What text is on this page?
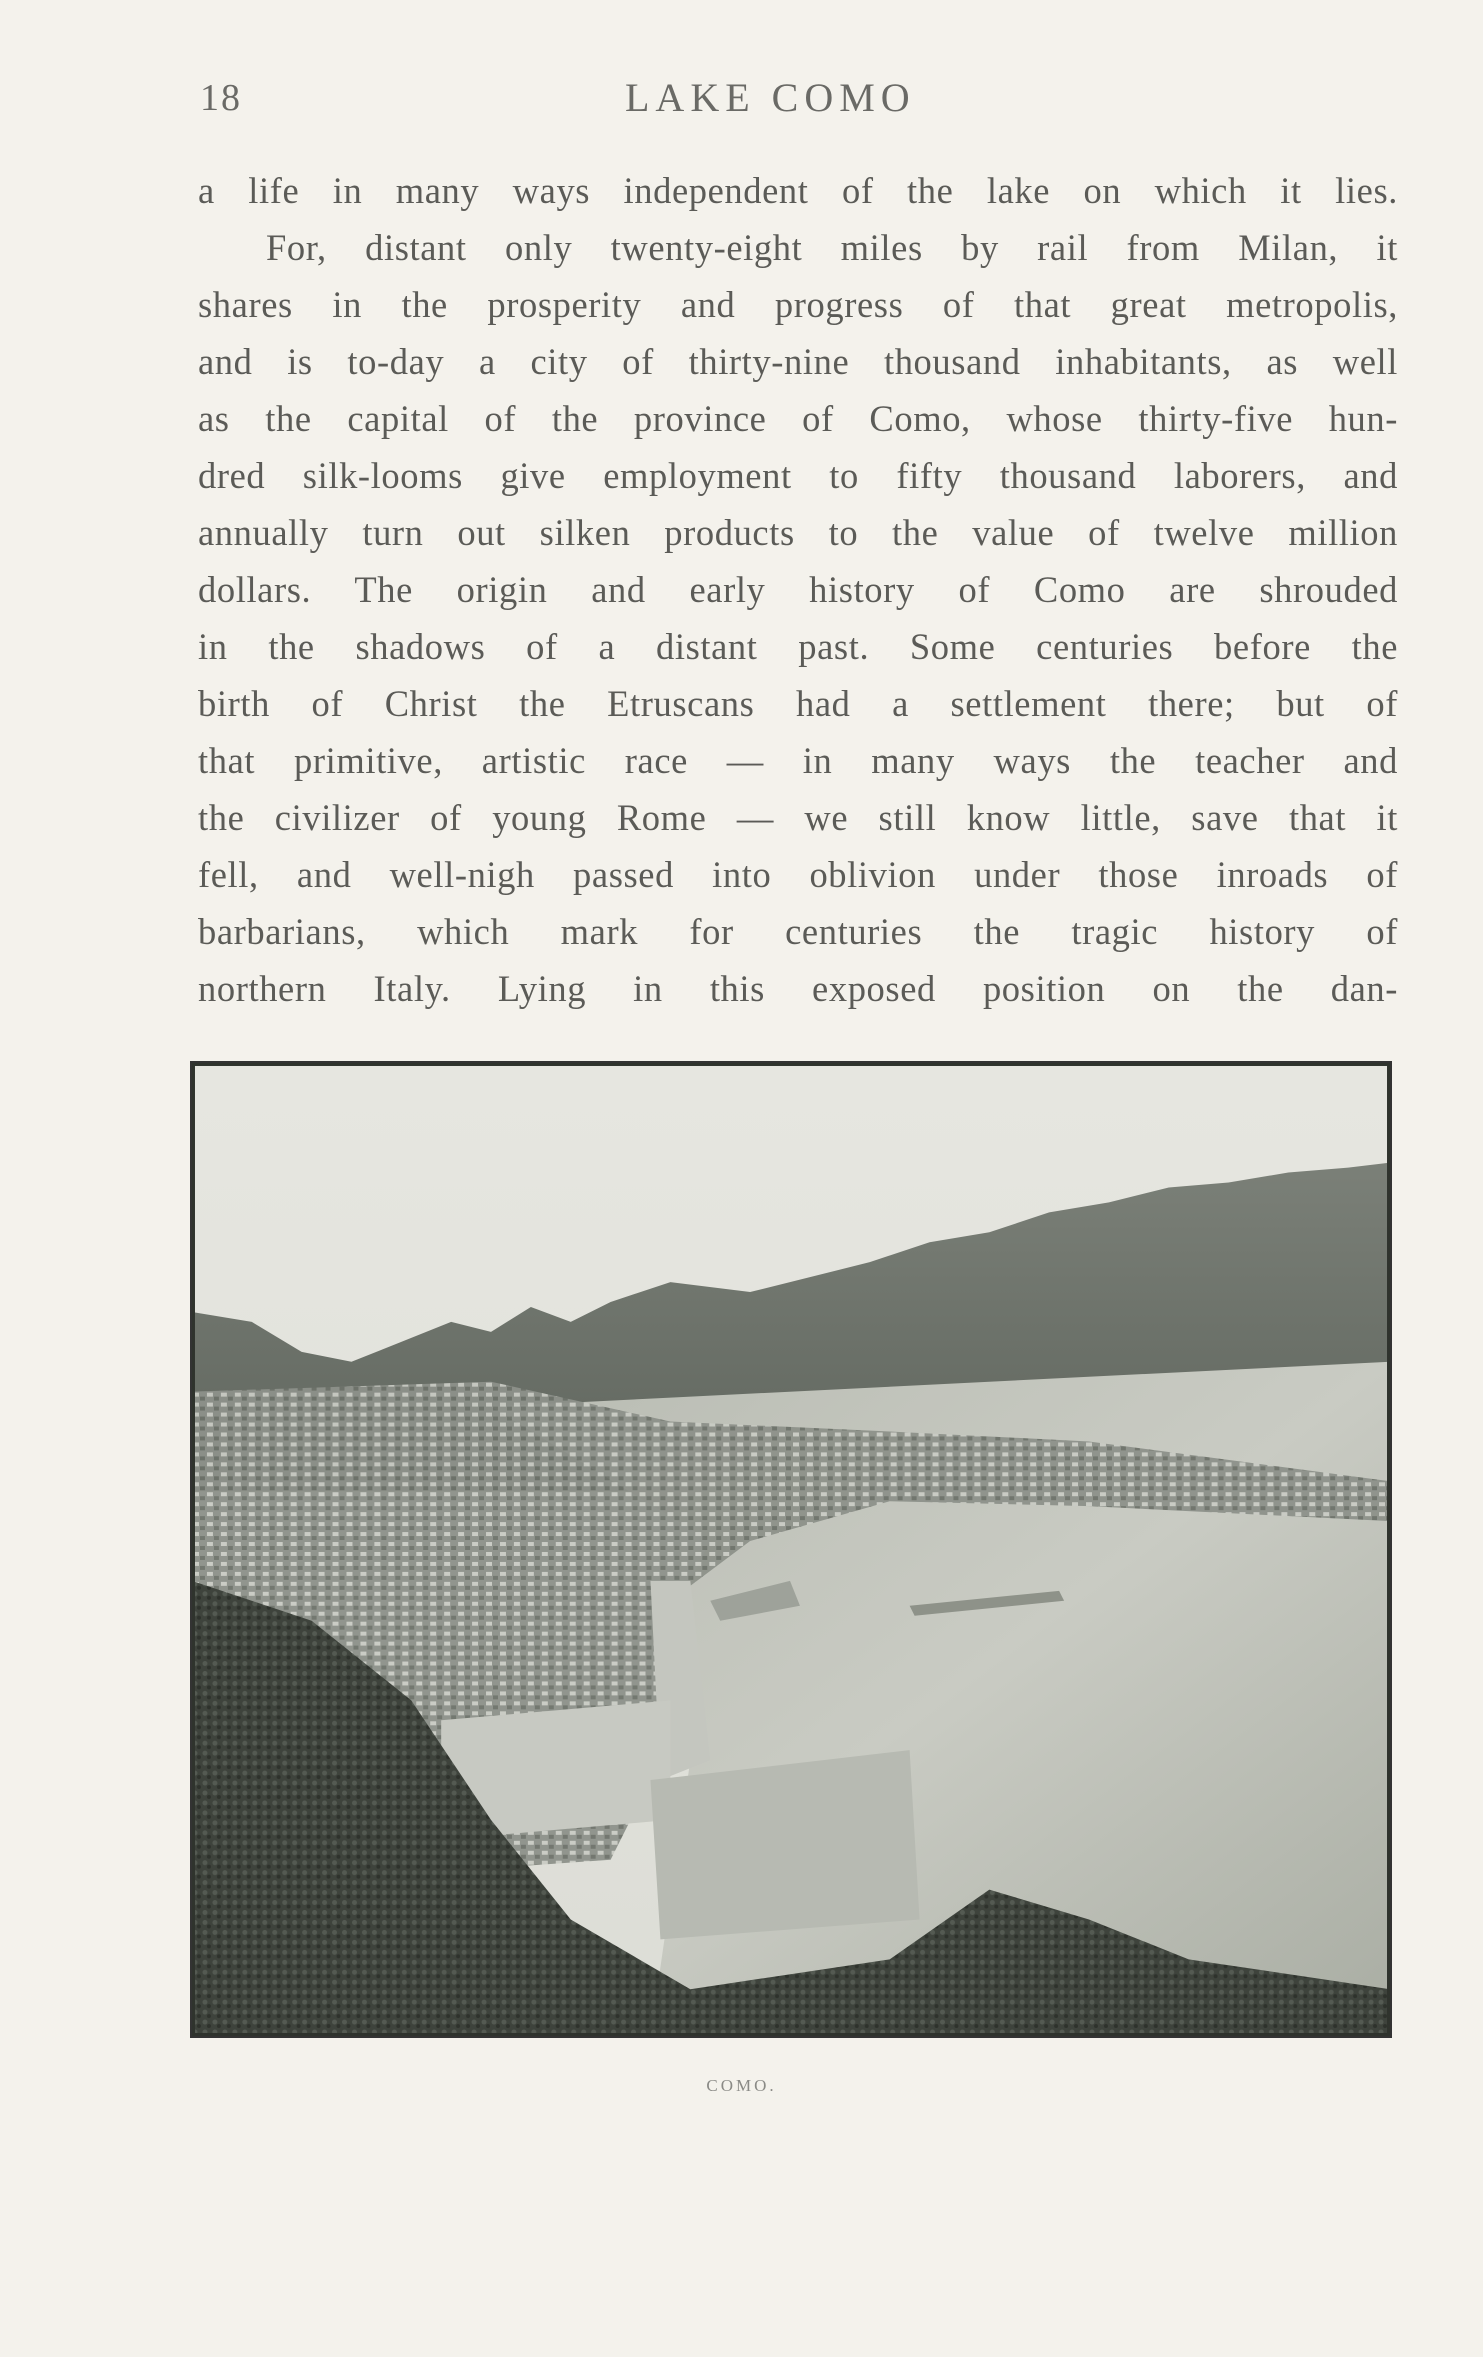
18	LAKE COMO
a life in many ways independent of the lake on which it lies.
For, distant only twenty-eight miles by rail from Milan, it
shares in the prosperity and progress of that great metropolis,
and is to-day a city of thirty-nine thousand inhabitants, as well
as the capital of the province of Como, whose thirty-five hun-
dred silk-looms give employment to fifty thousand laborers, and
annually turn out silken products to the value of twelve million
dollars. The origin and early history of Como are shrouded
in the shadows of a distant past. Some centuries before the
birth of Christ the Etruscans had a settlement there; but of
that primitive, artistic race — in many ways the teacher and
the civilizer of young Rome — we still know little, save that it
fell, and well-nigh passed into oblivion under those inroads of
barbarians, which mark for centuries the tragic history of
northern Italy. Lying in this exposed position on the dan-
COMO.
